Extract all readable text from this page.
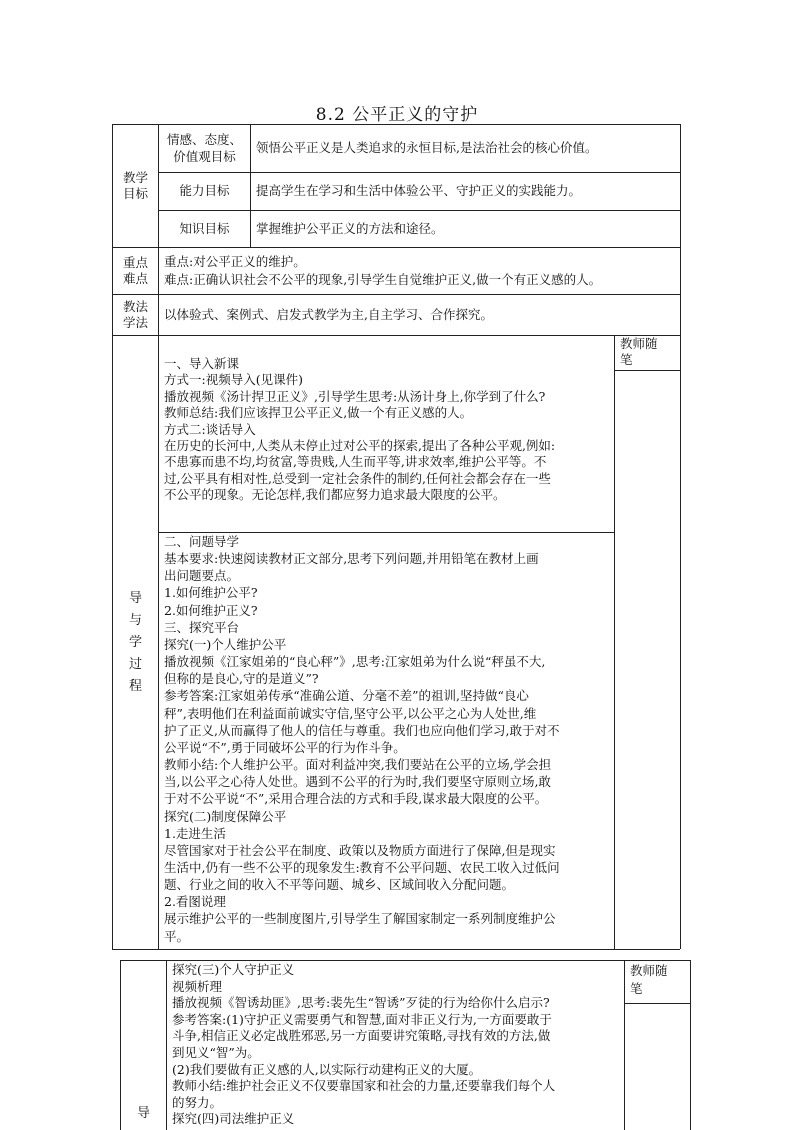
8.2 公平正义的守护
教学
目标
情感、态度、
价值观目标
领悟公平正义是人类追求的永恒目标,是法治社会的核心价值。
能力目标	提高学生在学习和生活中体验公平、守护正义的实践能力。
知识目标	掌握维护公平正义的方法和途径。
重点
难点
重点:对公平正义的维护。
难点:正确认识社会不公平的现象,引导学生自觉维护正义,做一个有正义感的人。
教法
学法
以体验式、案例式、启发式教学为主,自主学习、合作探究。
导
与
学
过
程
教师随
笔
一、导入新课
方式一:视频导入(见课件)
播放视频《汤计捍卫正义》,引导学生思考:从汤计身上,你学到了什么?
教师总结:我们应该捍卫公平正义,做一个有正义感的人。
方式二:谈话导入
在历史的长河中,人类从未停止过对公平的探索,提出了各种公平观,例如:
不患寡而患不均,均贫富,等贵贱,人生而平等,讲求效率,维护公平等。不
过,公平具有相对性,总受到一定社会条件的制约,任何社会都会存在一些
不公平的现象。无论怎样,我们都应努力追求最大限度的公平。
二、问题导学
基本要求:快速阅读教材正文部分,思考下列问题,并用铅笔在教材上画
出问题要点。
1.如何维护公平?
2.如何维护正义?
三、探究平台
探究(一)个人维护公平
播放视频《江家姐弟的“良心秤”》,思考:江家姐弟为什么说“秤虽不大,
但称的是良心,守的是道义”?
参考答案:江家姐弟传承“准确公道、分毫不差”的祖训,坚持做“良心
秤”,表明他们在利益面前诚实守信,坚守公平,以公平之心为人处世,维
护了正义,从而赢得了他人的信任与尊重。我们也应向他们学习,敢于对不
公平说“不”,勇于同破坏公平的行为作斗争。
教师小结:个人维护公平。面对利益冲突,我们要站在公平的立场,学会担
当,以公平之心待人处世。遇到不公平的行为时,我们要坚守原则立场,敢
于对不公平说“不”,采用合理合法的方式和手段,谋求最大限度的公平。
探究(二)制度保障公平
1.走进生活
尽管国家对于社会公平在制度、政策以及物质方面进行了保障,但是现实
生活中,仍有一些不公平的现象发生:教育不公平问题、农民工收入过低问
题、行业之间的收入不平等问题、城乡、区域间收入分配问题。
2.看图说理
展示维护公平的一些制度图片,引导学生了解国家制定一系列制度维护公
平。
导
教师随
笔
探究(三)个人守护正义
视频析理
播放视频《智诱劫匪》,思考:裴先生“智诱”歹徒的行为给你什么启示?
参考答案:(1)守护正义需要勇气和智慧,面对非正义行为,一方面要敢于
斗争,相信正义必定战胜邪恶,另一方面要讲究策略,寻找有效的方法,做
到见义“智”为。
(2)我们要做有正义感的人,以实际行动建构正义的大厦。
教师小结:维护社会正义不仅要靠国家和社会的力量,还要靠我们每个人
的努力。
探究(四)司法维护正义
